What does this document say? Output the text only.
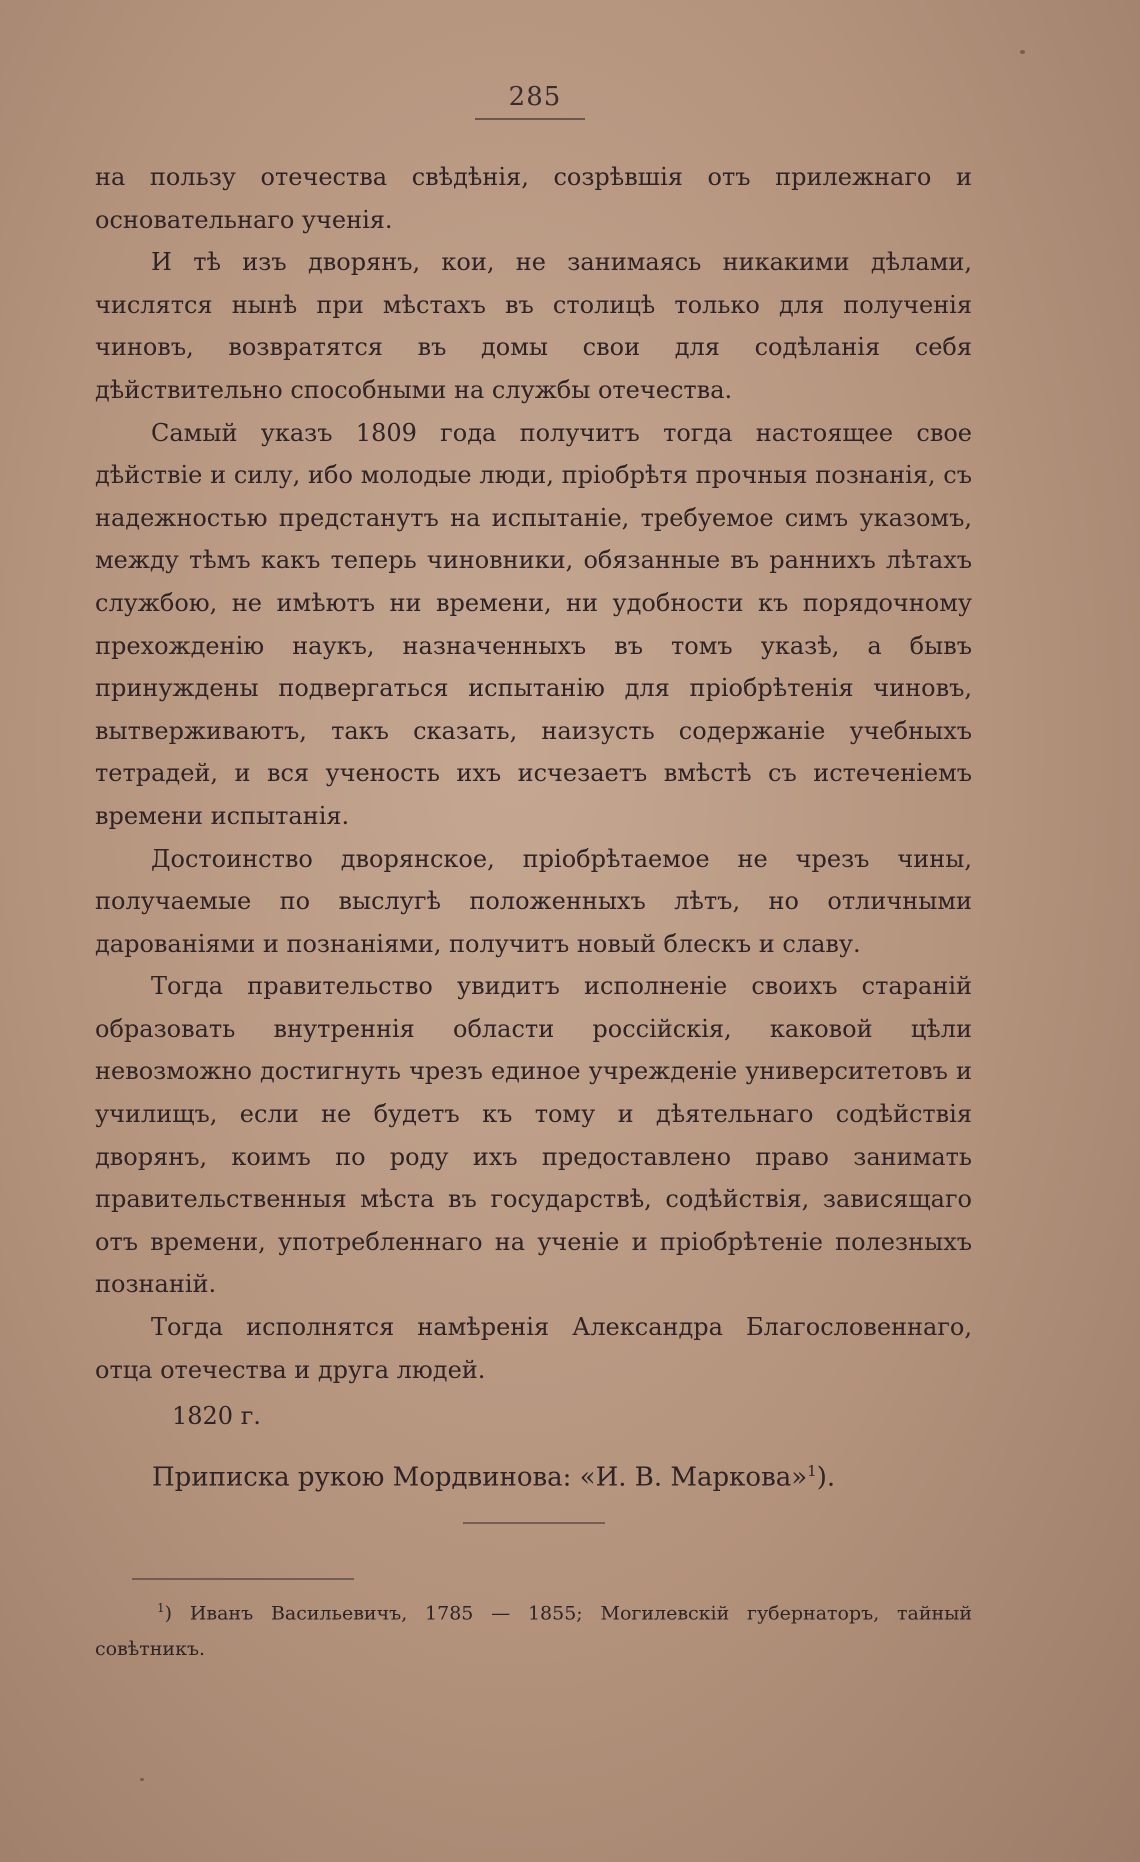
285

на пользу отечества свѣдѣнія, созрѣвшія отъ прилежнаго и основательнаго ученія.

И тѣ изъ дворянъ, кои, не занимаясь никакими дѣлами, числятся нынѣ при мѣстахъ въ столицѣ только для полученія чиновъ, возвратятся въ домы свои для содѣланія себя дѣйствительно способными на службы отечества.

Самый указъ 1809 года получитъ тогда настоящее свое дѣйствіе и силу, ибо молодые люди, пріобрѣтя прочныя познанія, съ надежностью предстанутъ на испытаніе, требуемое симъ указомъ, между тѣмъ какъ теперь чиновники, обязанные въ раннихъ лѣтахъ службою, не имѣютъ ни времени, ни удобности къ порядочному прехожденію наукъ, назначенныхъ въ томъ указѣ, а бывъ принуждены подвергаться испытанію для пріобрѣтенія чиновъ, вытверживаютъ, такъ сказать, наизусть содержаніе учебныхъ тетрадей, и вся ученость ихъ исчезаетъ вмѣстѣ съ истеченіемъ времени испытанія.

Достоинство дворянское, пріобрѣтаемое не чрезъ чины, получаемые по выслугѣ положенныхъ лѣтъ, но отличными дарованіями и познаніями, получитъ новый блескъ и славу.

Тогда правительство увидитъ исполненіе своихъ стараній образовать внутреннія области россійскія, каковой цѣли невозможно достигнуть чрезъ единое учрежденіе университетовъ и училищъ, если не будетъ къ тому и дѣятельнаго содѣйствія дворянъ, коимъ по роду ихъ предоставлено право занимать правительственныя мѣста въ государствѣ, содѣйствія, зависящаго отъ времени, употребленнаго на ученіе и пріобрѣтеніе полезныхъ познаній.

Тогда исполнятся намѣренія Александра Благословеннаго, отца отечества и друга людей.

1820 г.
Приписка рукою Мордвинова: «И. В. Маркова»$^1$).

$^1$) Иванъ Васильевичъ, 1785 — 1855; Могилевскій губернаторъ, тайный совѣтникъ.
